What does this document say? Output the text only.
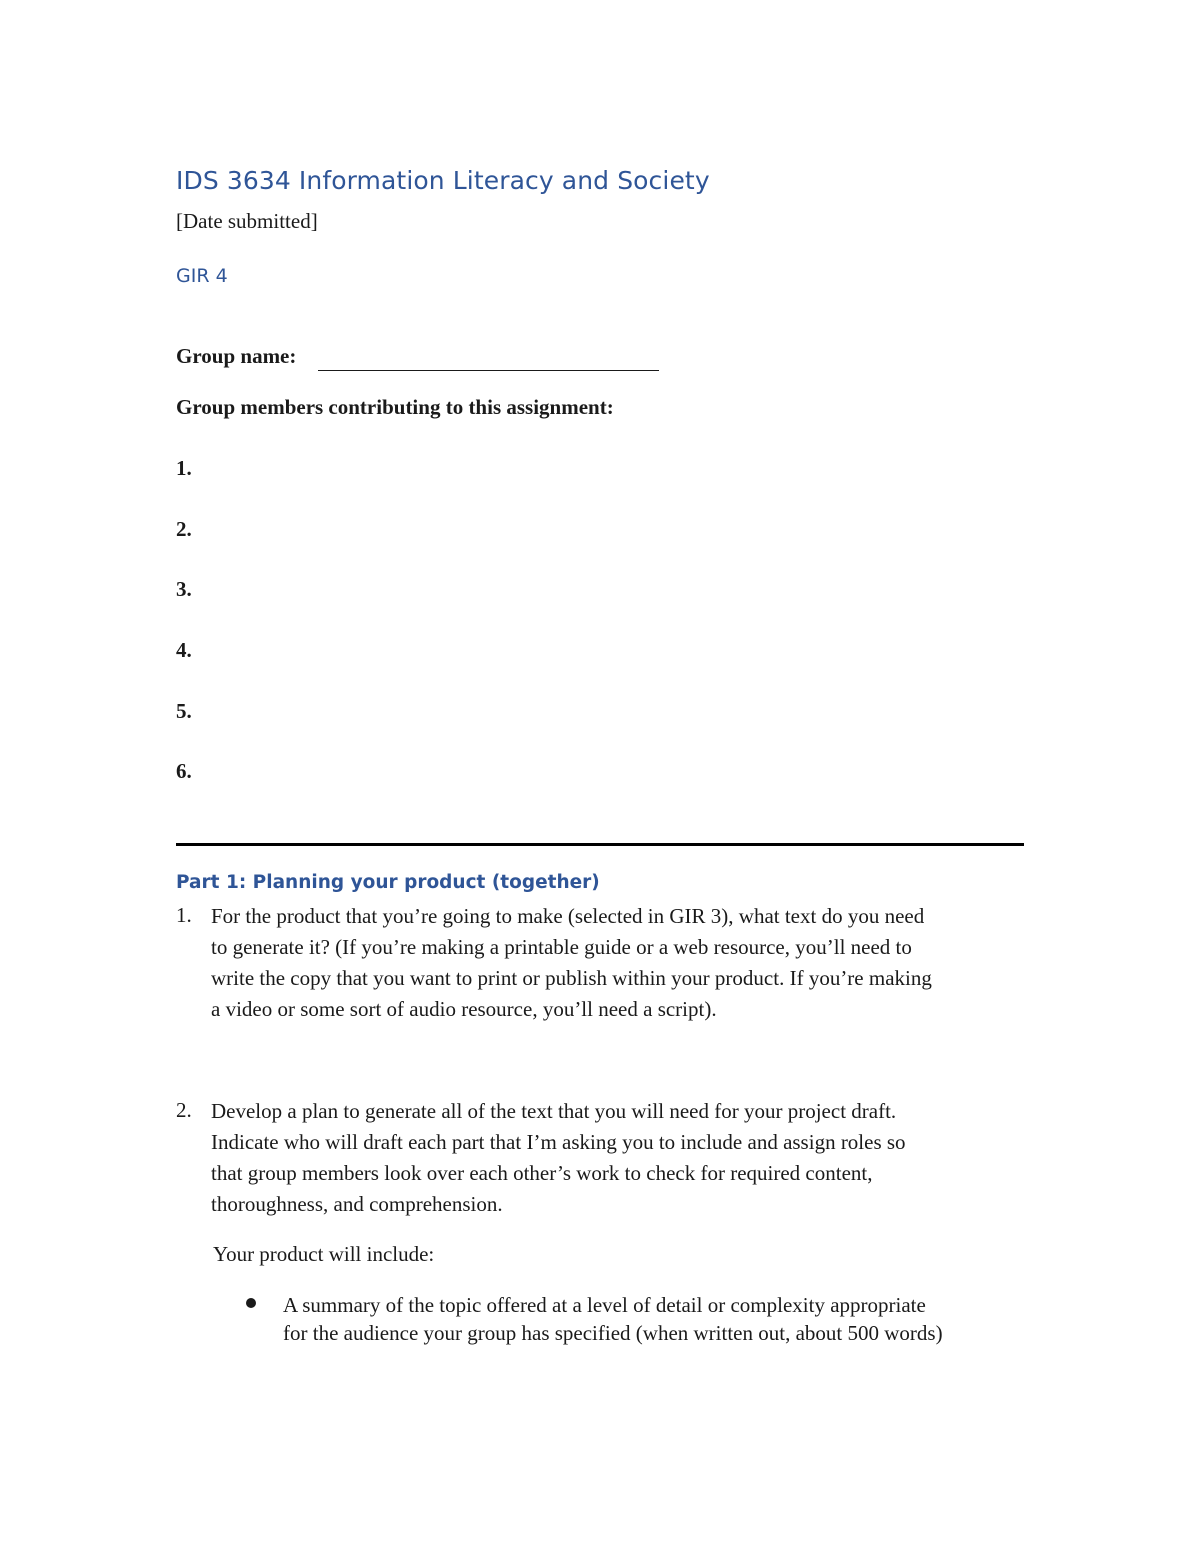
IDS 3634 Information Literacy and Society
[Date submitted]
GIR 4
Group name:
Group members contributing to this assignment:
1.
2.
3.
4.
5.
6.
Part 1: Planning your product (together)
1. For the product that you’re going to make (selected in GIR 3), what text do you need
to generate it? (If you’re making a printable guide or a web resource, you’ll need to
write the copy that you want to print or publish within your product. If you’re making
a video or some sort of audio resource, you’ll need a script).
2. Develop a plan to generate all of the text that you will need for your project draft.
Indicate who will draft each part that I’m asking you to include and assign roles so
that group members look over each other’s work to check for required content,
thoroughness, and comprehension.
Your product will include:
A summary of the topic offered at a level of detail or complexity appropriate
for the audience your group has specified (when written out, about 500 words)
